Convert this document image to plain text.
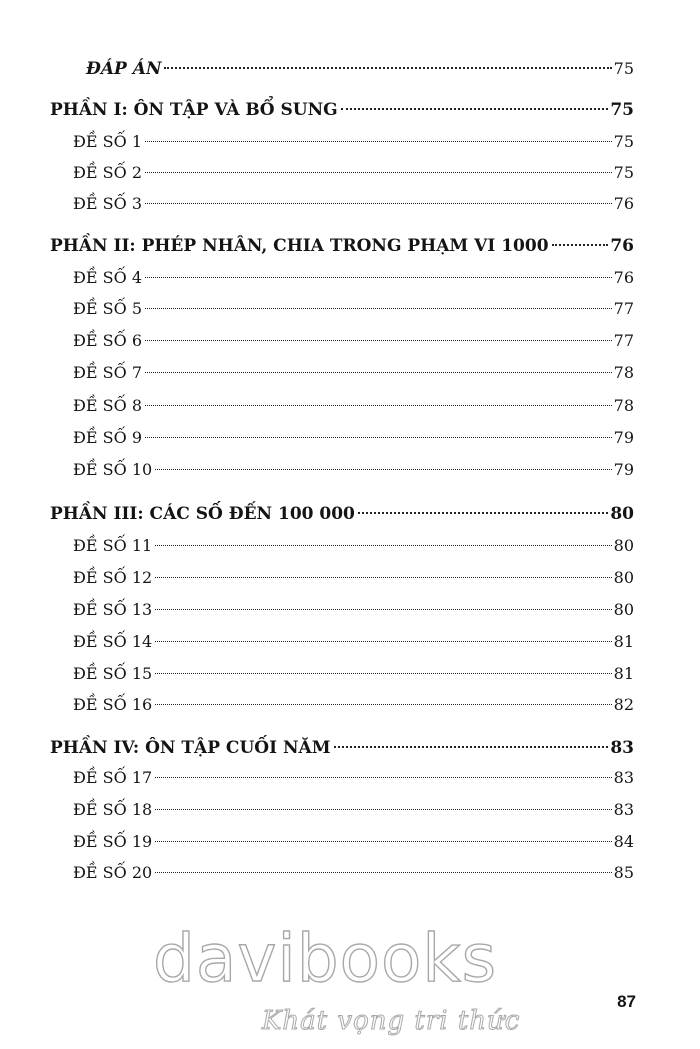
ĐÁP ÁN	75
PHẦN I: ÔN TẬP VÀ BỔ SUNG	75
ĐỀ SỐ 1	75
ĐỀ SỐ 2	75
ĐỀ SỐ 3	76
PHẦN II: PHÉP NHÂN, CHIA TRONG PHẠM VI 1000	76
ĐỀ SỐ 4	76
ĐỀ SỐ 5	77
ĐỀ SỐ 6	77
ĐỀ SỐ 7	78
ĐỀ SỐ 8	78
ĐỀ SỐ 9	79
ĐỀ SỐ 10	79
PHẦN III: CÁC SỐ ĐẾN 100 000	80
ĐỀ SỐ 11	80
ĐỀ SỐ 12	80
ĐỀ SỐ 13	80
ĐỀ SỐ 14	81
ĐỀ SỐ 15	81
ĐỀ SỐ 16	82
PHẦN IV: ÔN TẬP CUỐI NĂM	83
ĐỀ SỐ 17	83
ĐỀ SỐ 18	83
ĐỀ SỐ 19	84
ĐỀ SỐ 20	85
davibooks
87
Khát vọng tri thức
